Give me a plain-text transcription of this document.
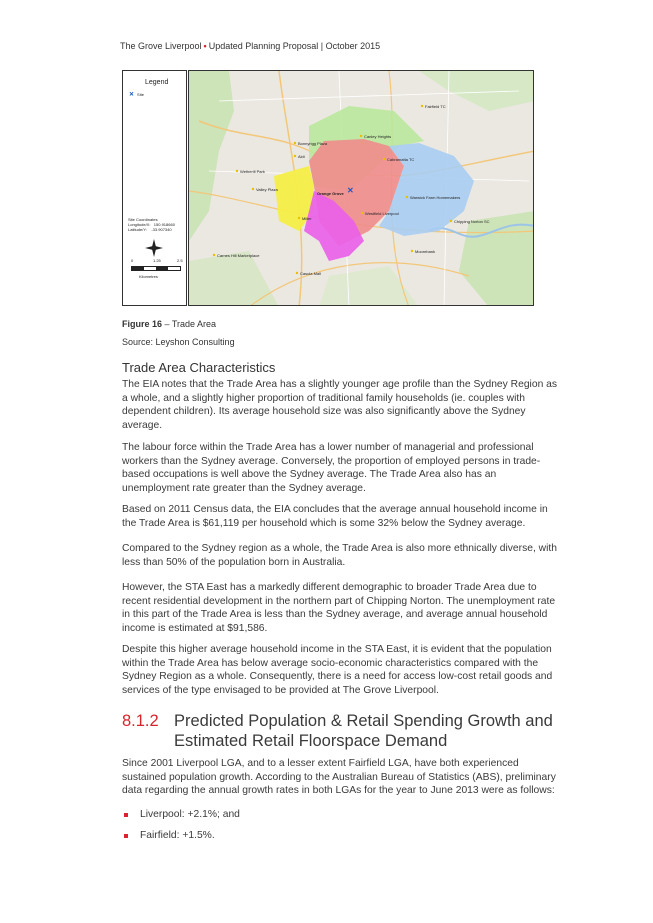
The Grove Liverpool • Updated Planning Proposal | October 2015
Legend
✕ Site
Site Coordinates
Longitude/X:   150.918660
Latitude/Y:    -33.907340
0	1.25	2.5
Kilometres
✕
Fairfield TC
Canley Heights
Bonnyrigg Plaza
Aldi
Cabramatta TC
Wetherill Park
Valley Plaza
Orange Grove
Warwick Farm Homemakers
Westfield Liverpool
Chipping Norton SC
Miller
Moorebank
Carnes Hill Marketplace
Casula Mall
Figure 16 – Trade Area
Source: Leyshon Consulting
Trade Area Characteristics
The EIA notes that the Trade Area has a slightly younger age profile than the Sydney Region as a whole, and a slightly higher proportion of traditional family households (ie. couples with dependent children). Its average household size was also significantly above the Sydney average.
The labour force within the Trade Area has a lower number of managerial and professional workers than the Sydney average. Conversely, the proportion of employed persons in trade-based occupations is well above the Sydney average. The Trade Area also has an unemployment rate greater than the Sydney average.
Based on 2011 Census data, the EIA concludes that the average annual household income in the Trade Area is $61,119 per household which is some 32% below the Sydney average.
Compared to the Sydney region as a whole, the Trade Area is also more ethnically diverse, with less than 50% of the population born in Australia.
However, the STA East has a markedly different demographic to broader Trade Area due to recent residential development in the northern part of Chipping Norton. The unemployment rate in this part of the Trade Area is less than the Sydney average, and average annual household income is estimated at $91,586.
Despite this higher average household income in the STA East, it is evident that the population within the Trade Area has below average socio-economic characteristics compared with the Sydney Region as a whole. Consequently, there is a need for access low-cost retail goods and services of the type envisaged to be provided at The Grove Liverpool.
8.1.2 Predicted Population & Retail Spending Growth and
Estimated Retail Floorspace Demand
Since 2001 Liverpool LGA, and to a lesser extent Fairfield LGA, have both experienced sustained population growth. According to the Australian Bureau of Statistics (ABS), preliminary data regarding the annual growth rates in both LGAs for the year to June 2013 were as follows:
Liverpool: +2.1%; and
Fairfield: +1.5%.
